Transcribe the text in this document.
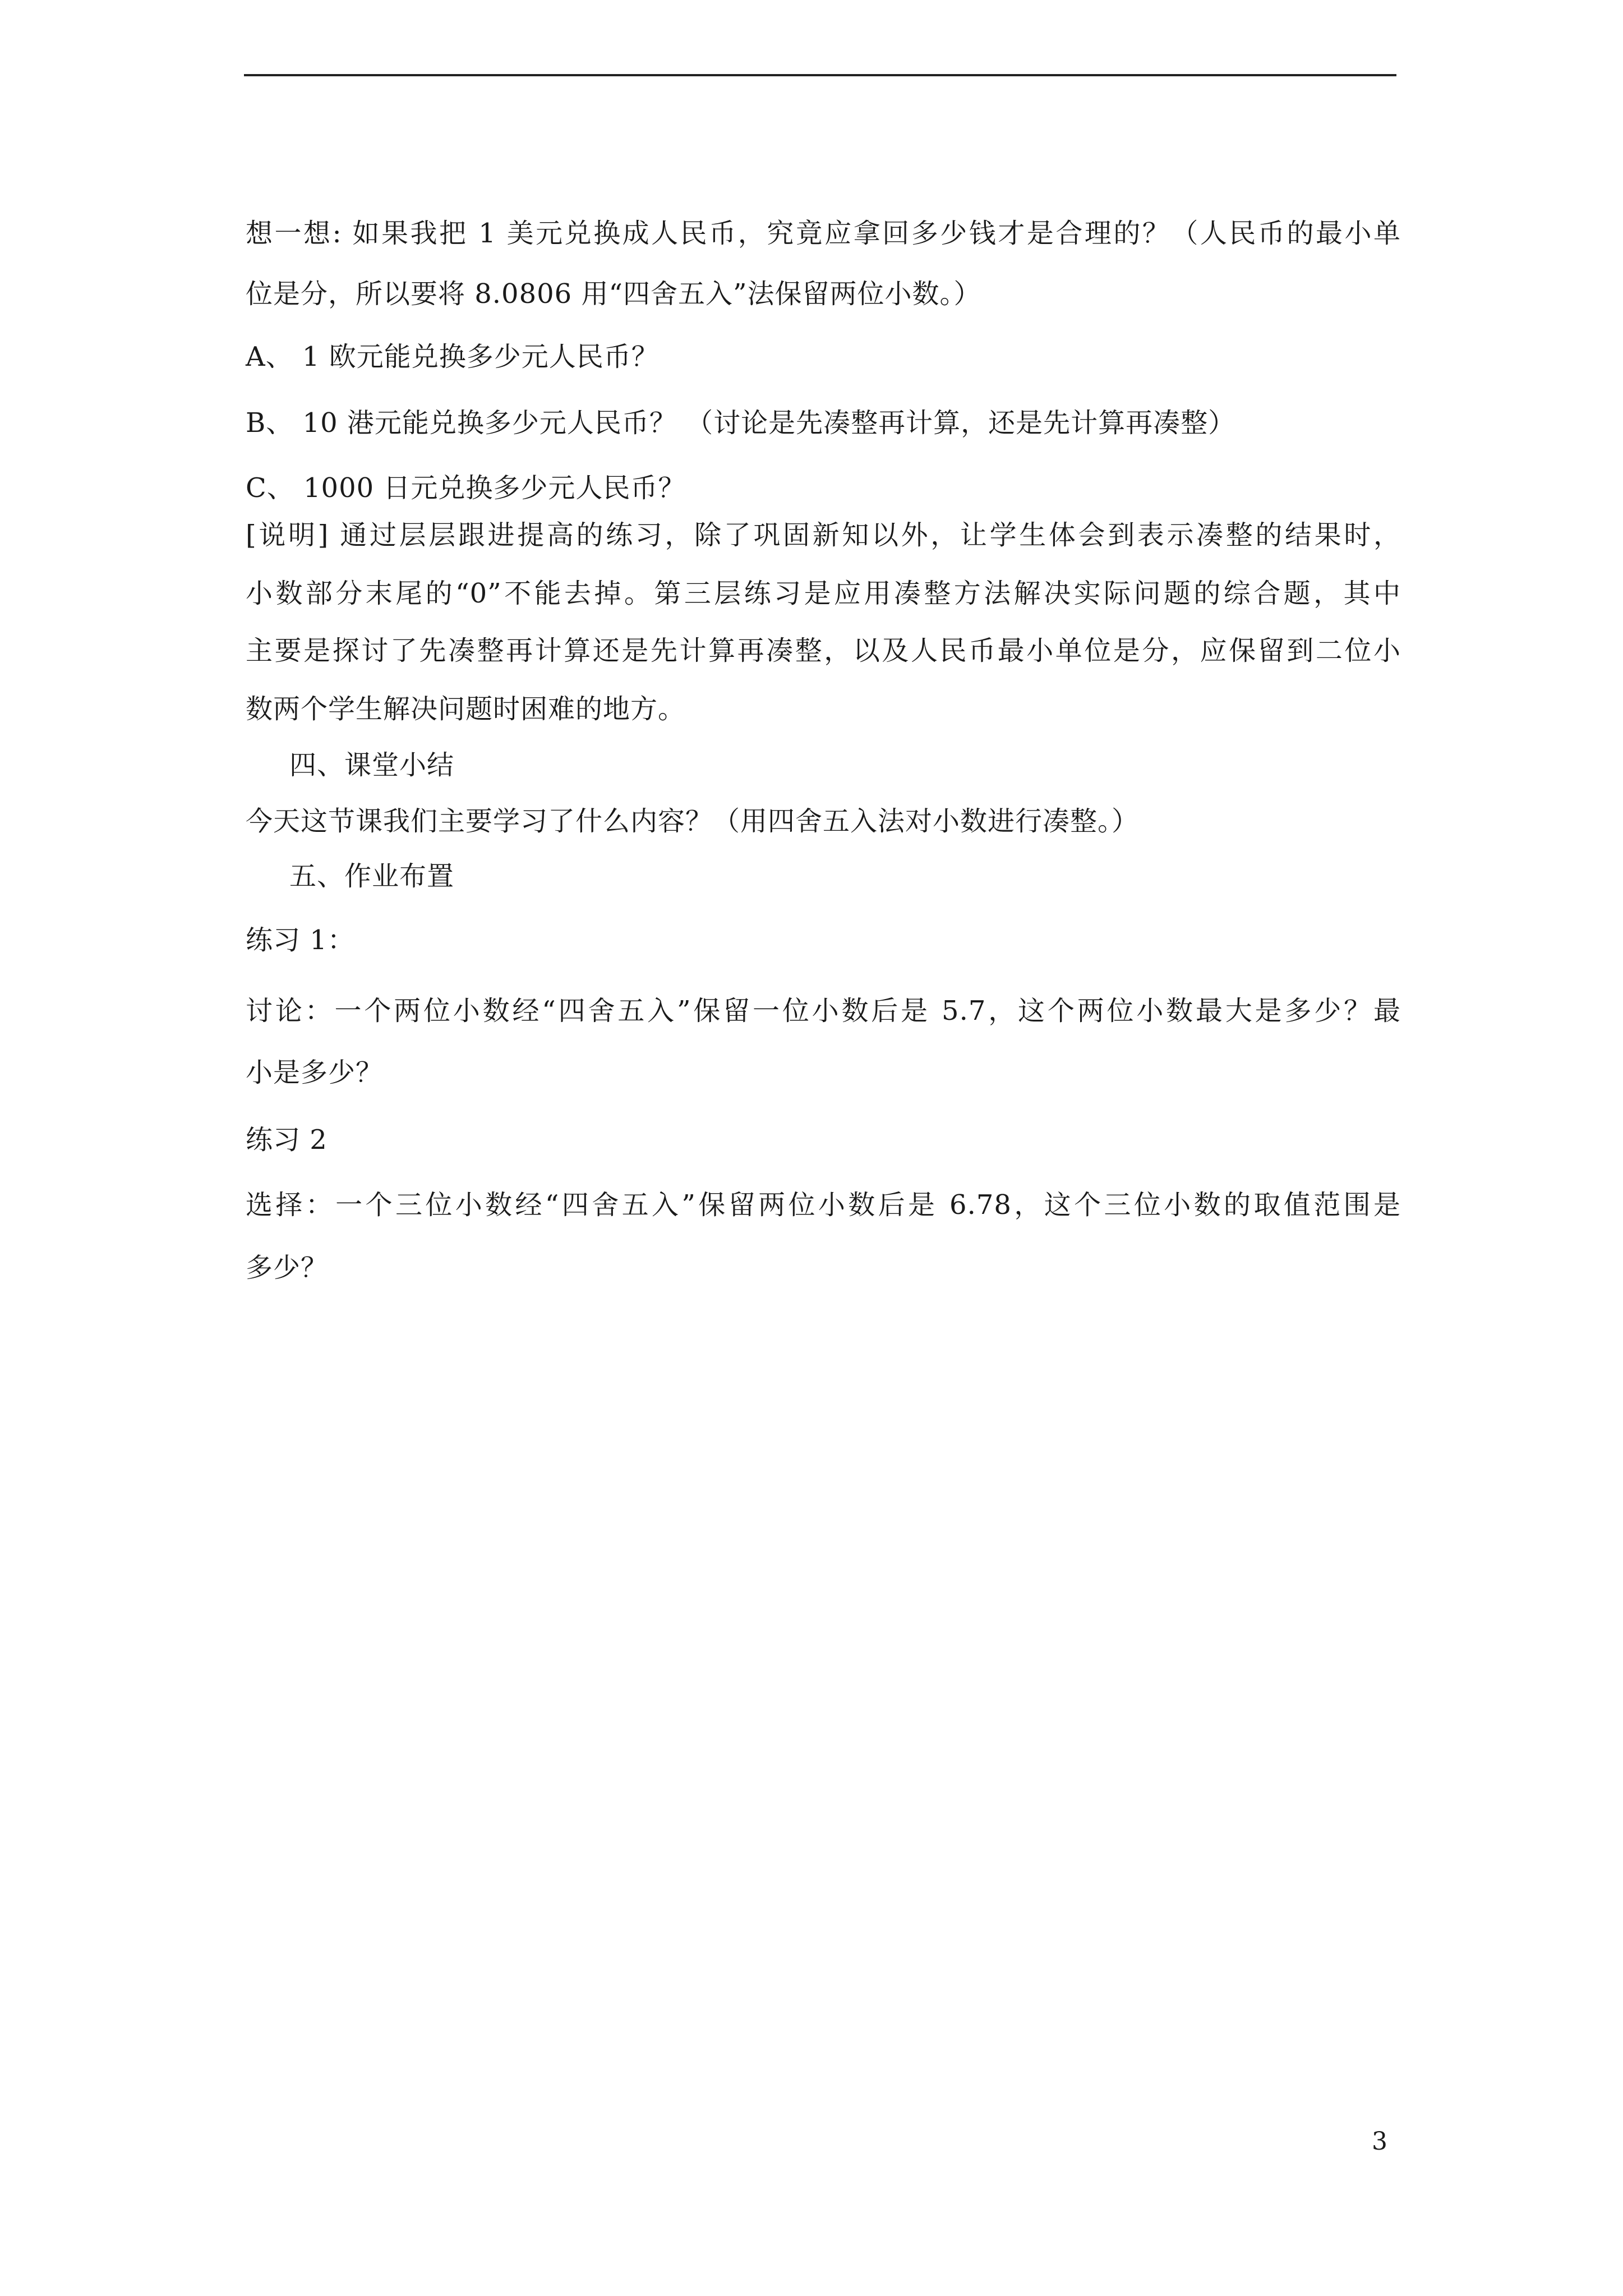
想一想: 如果我把 1 美元兑换成人民币，究竟应拿回多少钱才是合理的？（人民币的最小单
位是分，所以要将 8.0806 用“四舍五入”法保留两位小数。）
A、 1 欧元能兑换多少元人民币？
B、 10 港元能兑换多少元人民币？ （讨论是先凑整再计算，还是先计算再凑整）
C、 1000 日元兑换多少元人民币？
[说明] 通过层层跟进提高的练习，除了巩固新知以外，让学生体会到表示凑整的结果时，
小数部分末尾的“0”不能去掉。第三层练习是应用凑整方法解决实际问题的综合题，其中
主要是探讨了先凑整再计算还是先计算再凑整，以及人民币最小单位是分，应保留到二位小
数两个学生解决问题时困难的地方。
四、课堂小结
今天这节课我们主要学习了什么内容？（用四舍五入法对小数进行凑整。）
五、作业布置
练习 1：
讨论：一个两位小数经“四舍五入”保留一位小数后是 5.7，这个两位小数最大是多少？最
小是多少？
练习 2
选择：一个三位小数经“四舍五入”保留两位小数后是 6.78，这个三位小数的取值范围是
多少？
3
